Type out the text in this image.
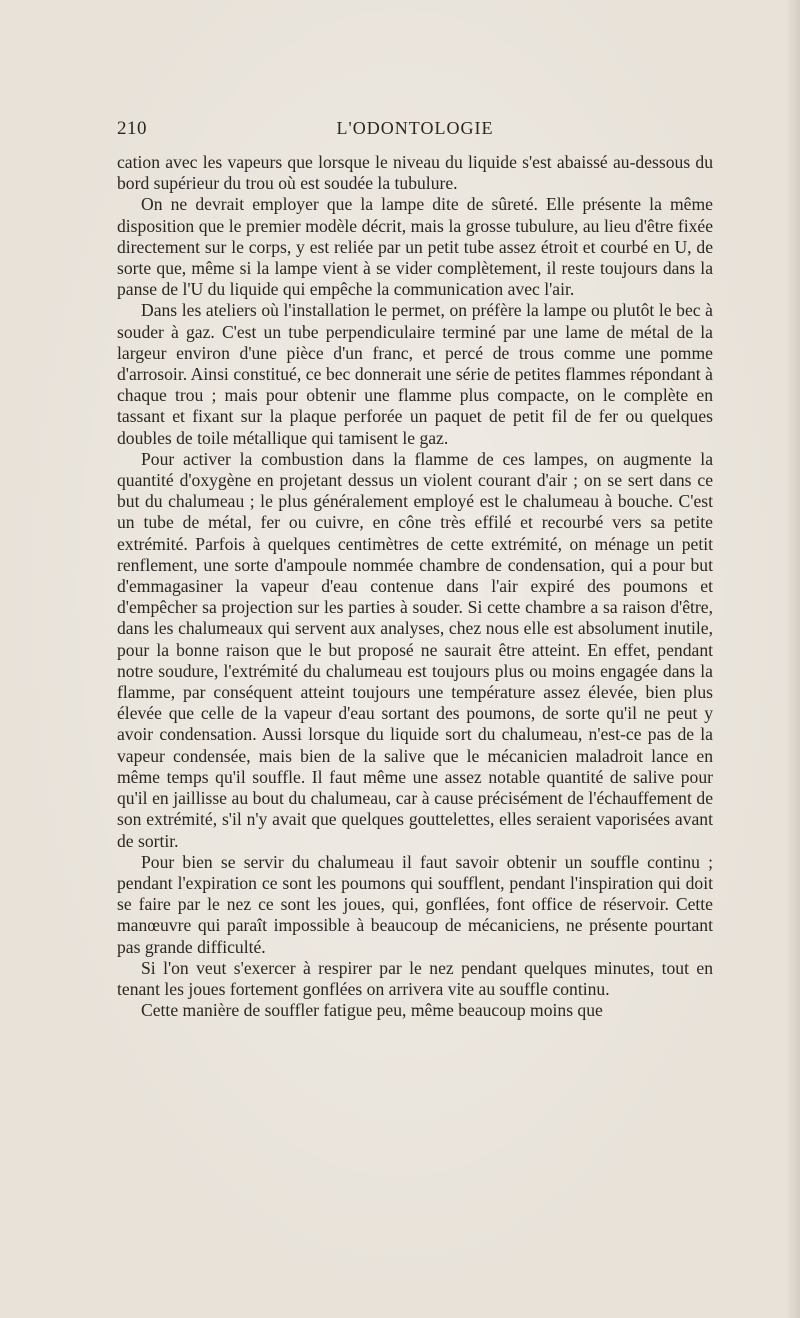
210	L'ODONTOLOGIE

cation avec les vapeurs que lorsque le niveau du liquide s'est abaissé au-dessous du bord supérieur du trou où est soudée la tubulure.

On ne devrait employer que la lampe dite de sûreté. Elle présente la même disposition que le premier modèle décrit, mais la grosse tubulure, au lieu d'être fixée directement sur le corps, y est reliée par un petit tube assez étroit et courbé en U, de sorte que, même si la lampe vient à se vider complètement, il reste toujours dans la panse de l'U du liquide qui empêche la communication avec l'air.

Dans les ateliers où l'installation le permet, on préfère la lampe ou plutôt le bec à souder à gaz. C'est un tube perpendiculaire terminé par une lame de métal de la largeur environ d'une pièce d'un franc, et percé de trous comme une pomme d'arrosoir. Ainsi constitué, ce bec donnerait une série de petites flammes répondant à chaque trou ; mais pour obtenir une flamme plus compacte, on le complète en tassant et fixant sur la plaque perforée un paquet de petit fil de fer ou quelques doubles de toile métallique qui tamisent le gaz.

Pour activer la combustion dans la flamme de ces lampes, on augmente la quantité d'oxygène en projetant dessus un violent courant d'air ; on se sert dans ce but du chalumeau ; le plus généralement employé est le chalumeau à bouche. C'est un tube de métal, fer ou cuivre, en cône très effilé et recourbé vers sa petite extrémité. Parfois à quelques centimètres de cette extrémité, on ménage un petit renflement, une sorte d'ampoule nommée chambre de condensation, qui a pour but d'emmagasiner la vapeur d'eau contenue dans l'air expiré des poumons et d'empêcher sa projection sur les parties à souder. Si cette chambre a sa raison d'être, dans les chalumeaux qui servent aux analyses, chez nous elle est absolument inutile, pour la bonne raison que le but proposé ne saurait être atteint. En effet, pendant notre soudure, l'extrémité du chalumeau est toujours plus ou moins engagée dans la flamme, par conséquent atteint toujours une température assez élevée, bien plus élevée que celle de la vapeur d'eau sortant des poumons, de sorte qu'il ne peut y avoir condensation. Aussi lorsque du liquide sort du chalumeau, n'est-ce pas de la vapeur condensée, mais bien de la salive que le mécanicien maladroit lance en même temps qu'il souffle. Il faut même une assez notable quantité de salive pour qu'il en jaillisse au bout du chalumeau, car à cause précisément de l'échauffement de son extrémité, s'il n'y avait que quelques gouttelettes, elles seraient vaporisées avant de sortir.

Pour bien se servir du chalumeau il faut savoir obtenir un souffle continu ; pendant l'expiration ce sont les poumons qui soufflent, pendant l'inspiration qui doit se faire par le nez ce sont les joues, qui, gonflées, font office de réservoir. Cette manœuvre qui paraît impossible à beaucoup de mécaniciens, ne présente pourtant pas grande difficulté.

Si l'on veut s'exercer à respirer par le nez pendant quelques minutes, tout en tenant les joues fortement gonflées on arrivera vite au souffle continu.

Cette manière de souffler fatigue peu, même beaucoup moins que
